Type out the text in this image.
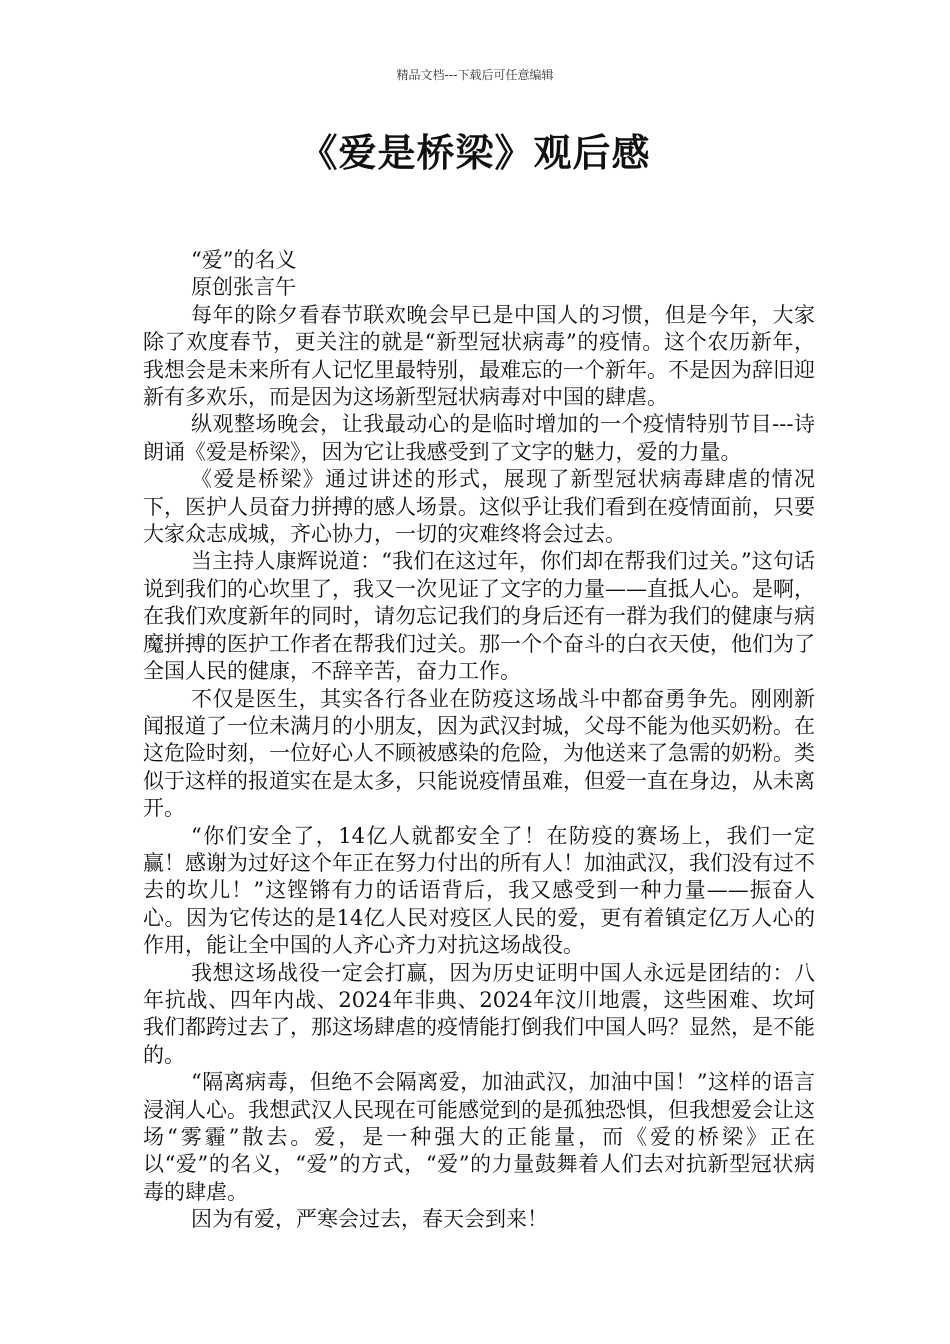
精品文档---下载后可任意编辑
《爱是桥梁》观后感

“爱”的名义

原创张言午

每年的除夕看春节联欢晚会早已是中国人的习惯，但是今年，大家除了欢度春节，更关注的就是“新型冠状病毒”的疫情。这个农历新年，我想会是未来所有人记忆里最特别，最难忘的一个新年。不是因为辞旧迎新有多欢乐，而是因为这场新型冠状病毒对中国的肆虐。

纵观整场晚会，让我最动心的是临时增加的一个疫情特别节目---诗朗诵《爱是桥梁》，因为它让我感受到了文字的魅力，爱的力量。

《爱是桥梁》通过讲述的形式，展现了新型冠状病毒肆虐的情况下，医护人员奋力拼搏的感人场景。这似乎让我们看到在疫情面前，只要大家众志成城，齐心协力，一切的灾难终将会过去。

当主持人康辉说道：“我们在这过年，你们却在帮我们过关。”这句话说到我们的心坎里了，我又一次见证了文字的力量——直抵人心。是啊，在我们欢度新年的同时，请勿忘记我们的身后还有一群为我们的健康与病魔拼搏的医护工作者在帮我们过关。那一个个奋斗的白衣天使，他们为了全国人民的健康，不辞辛苦，奋力工作。

不仅是医生，其实各行各业在防疫这场战斗中都奋勇争先。刚刚新闻报道了一位未满月的小朋友，因为武汉封城，父母不能为他买奶粉。在这危险时刻，一位好心人不顾被感染的危险，为他送来了急需的奶粉。类似于这样的报道实在是太多，只能说疫情虽难，但爱一直在身边，从未离开。

“你们安全了，14亿人就都安全了！在防疫的赛场上，我们一定赢！感谢为过好这个年正在努力付出的所有人！加油武汉，我们没有过不去的坎儿！”这铿锵有力的话语背后，我又感受到一种力量——振奋人心。因为它传达的是14亿人民对疫区人民的爱，更有着镇定亿万人心的作用，能让全中国的人齐心齐力对抗这场战役。

我想这场战役一定会打赢，因为历史证明中国人永远是团结的：八年抗战、四年内战、2024年非典、2024年汶川地震，这些困难、坎坷我们都跨过去了，那这场肆虐的疫情能打倒我们中国人吗？显然，是不能的。

“隔离病毒，但绝不会隔离爱，加油武汉，加油中国！”这样的语言浸润人心。我想武汉人民现在可能感觉到的是孤独恐惧，但我想爱会让这场“雾霾”散去。爱，是一种强大的正能量，而《爱的桥梁》正在以“爱”的名义，“爱”的方式，“爱”的力量鼓舞着人们去对抗新型冠状病毒的肆虐。

因为有爱，严寒会过去，春天会到来！
